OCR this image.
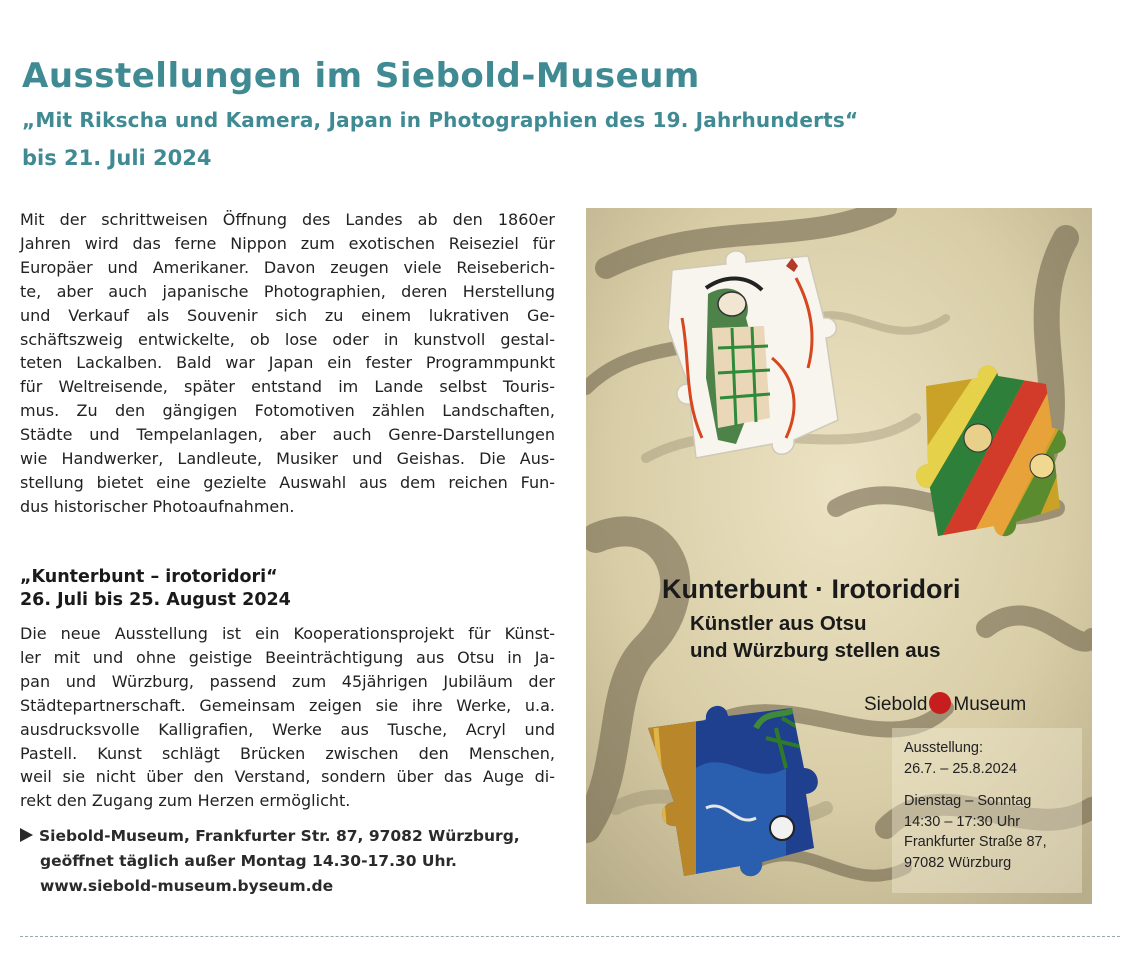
Ausstellungen im Siebold-Museum
„Mit Rikscha und Kamera, Japan in Photographien des 19. Jahrhunderts“
bis 21. Juli 2024
Mit der schrittweisen Öffnung des Landes ab den 1860er
Jahren wird das ferne Nippon zum exotischen Reiseziel für
Europäer und Amerikaner. Davon zeugen viele Reiseberich-
te, aber auch japanische Photographien, deren Herstellung
und Verkauf als Souvenir sich zu einem lukrativen Ge-
schäftszweig entwickelte, ob lose oder in kunstvoll gestal-
teten Lackalben. Bald war Japan ein fester Programmpunkt
für Weltreisende, später entstand im Lande selbst Touris-
mus. Zu den gängigen Fotomotiven zählen Landschaften,
Städte und Tempelanlagen, aber auch Genre-Darstellungen
wie Handwerker, Landleute, Musiker und Geishas. Die Aus-
stellung bietet eine gezielte Auswahl aus dem reichen Fun-
dus historischer Photoaufnahmen.
„Kunterbunt – irotoridori“
26. Juli bis 25. August 2024
Die neue Ausstellung ist ein Kooperationsprojekt für Künst-
ler mit und ohne geistige Beeinträchtigung aus Otsu in Ja-
pan und Würzburg, passend zum 45jährigen Jubiläum der
Städtepartnerschaft. Gemeinsam zeigen sie ihre Werke, u.a.
ausdrucksvolle Kalligrafien, Werke aus Tusche, Acryl und
Pastell. Kunst schlägt Brücken zwischen den Menschen,
weil sie nicht über den Verstand, sondern über das Auge di-
rekt den Zugang zum Herzen ermöglicht.
Siebold-Museum, Frankfurter Str. 87, 97082 Würzburg,
geöffnet täglich außer Montag 14.30-17.30 Uhr.
www.siebold-museum.byseum.de
Kunterbunt · Irotoridori
Künstler aus Otsu
und Würzburg stellen aus
Siebold Museum
Ausstellung:
26.7. – 25.8.2024
Dienstag – Sonntag
14:30 – 17:30 Uhr
Frankfurter Straße 87,
97082 Würzburg
